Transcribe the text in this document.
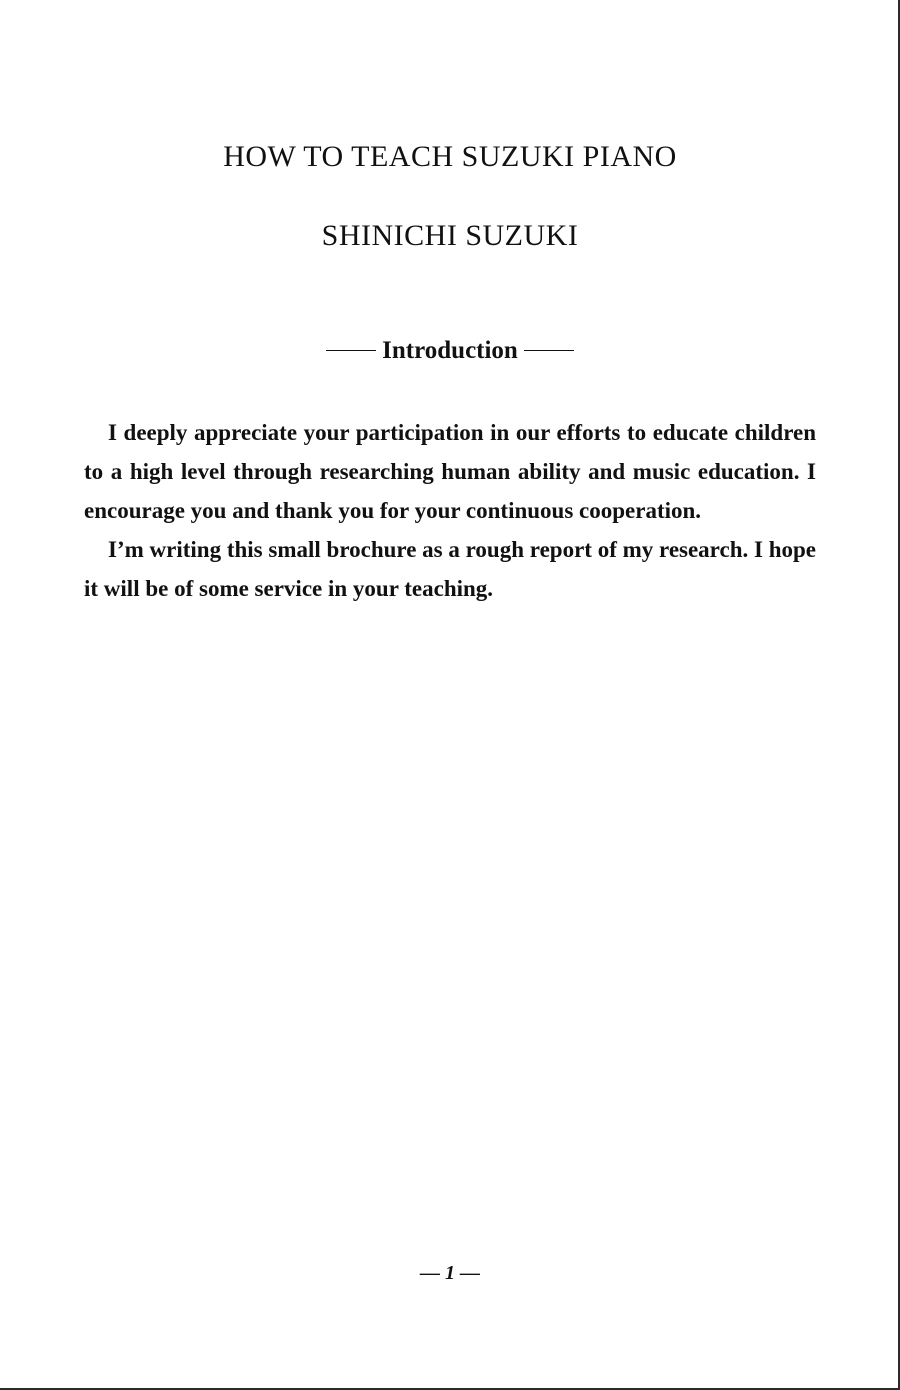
HOW TO TEACH SUZUKI PIANO
SHINICHI SUZUKI
Introduction

I deeply appreciate your participation in our efforts to educate children to a high level through researching human ability and music education. I encourage you and thank you for your continuous cooperation.

I’m writing this small brochure as a rough report of my research. I hope it will be of some service in your teaching.

— 1 —
